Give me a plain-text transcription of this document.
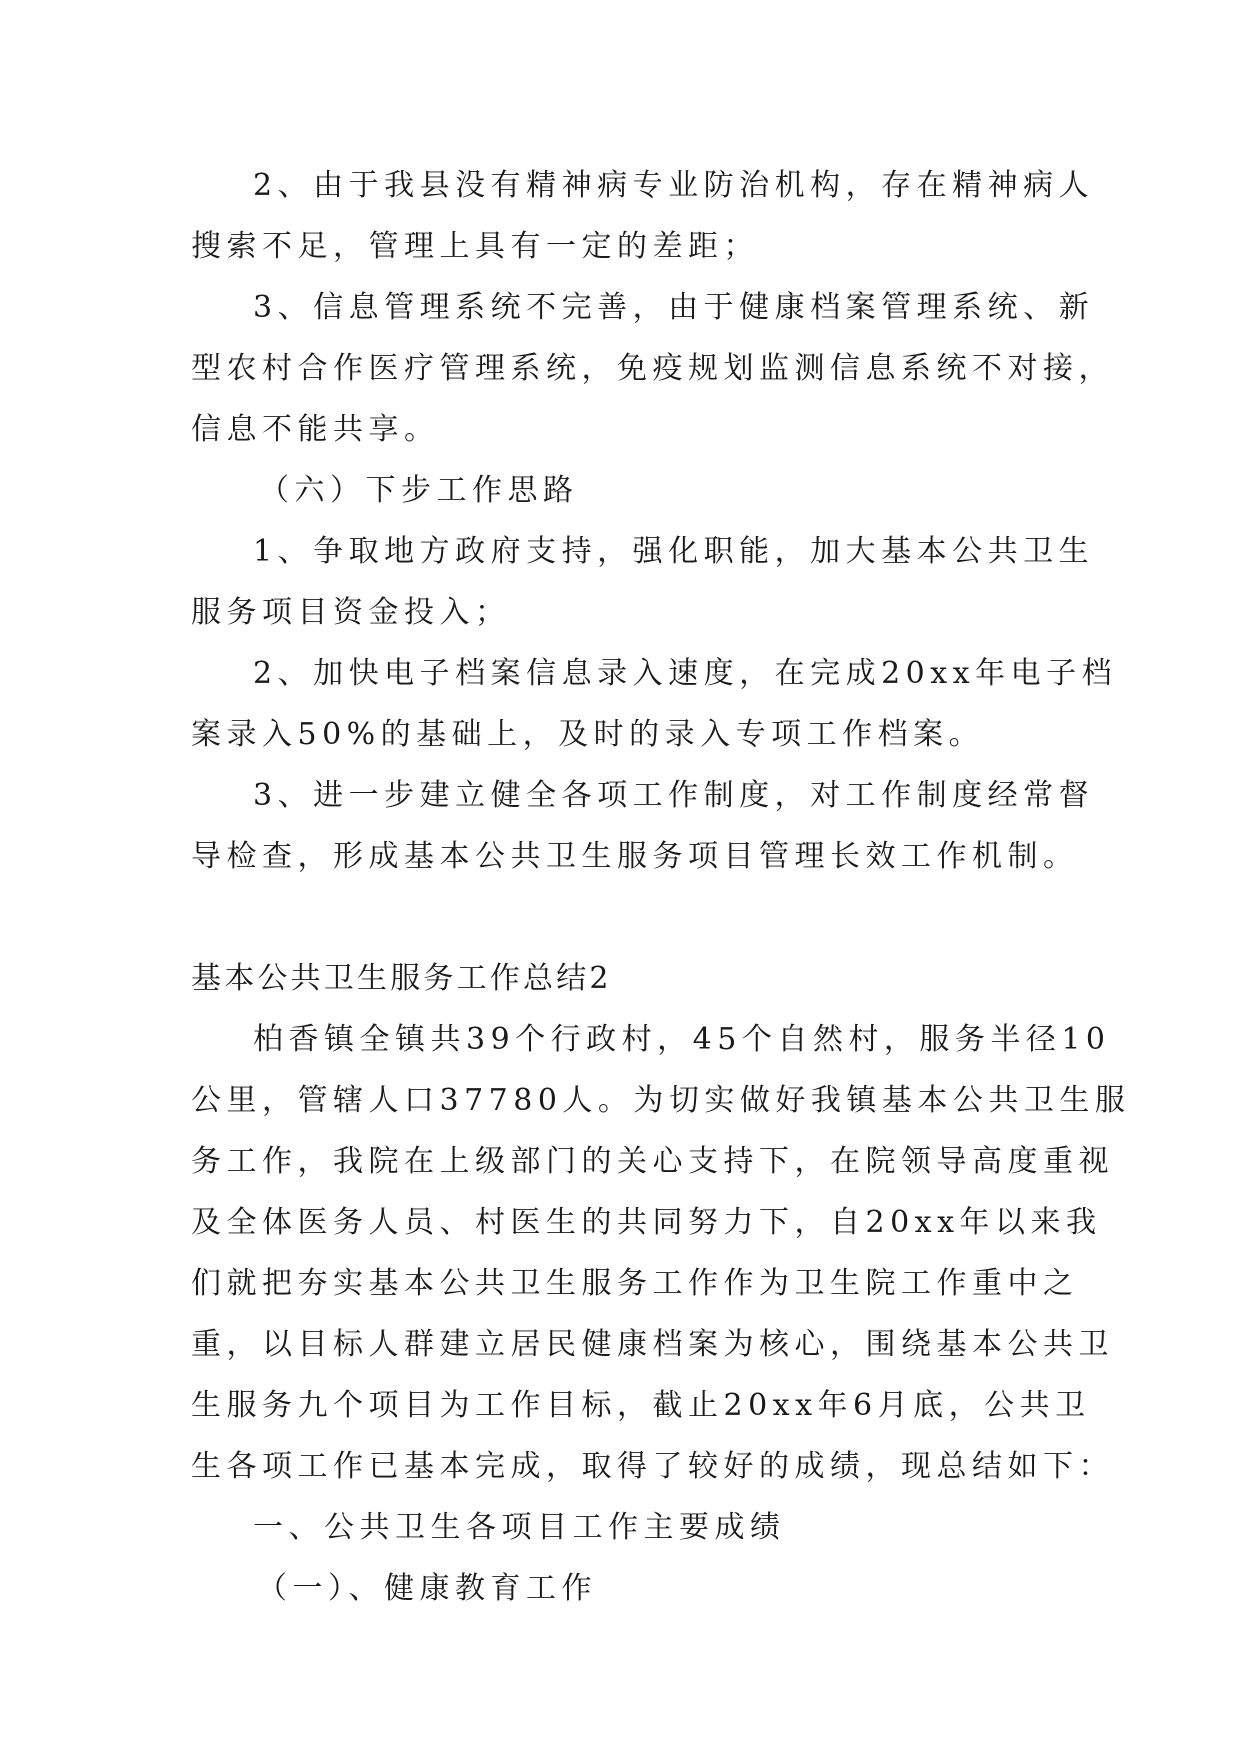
2、由于我县没有精神病专业防治机构，存在精神病人
搜索不足，管理上具有一定的差距；
3、信息管理系统不完善，由于健康档案管理系统、新
型农村合作医疗管理系统，免疫规划监测信息系统不对接，
信息不能共享。
（六）下步工作思路
1、争取地方政府支持，强化职能，加大基本公共卫生
服务项目资金投入；
2、加快电子档案信息录入速度，在完成20xx年电子档
案录入50%的基础上，及时的录入专项工作档案。
3、进一步建立健全各项工作制度，对工作制度经常督
导检查，形成基本公共卫生服务项目管理长效工作机制。
基本公共卫生服务工作总结2
柏香镇全镇共39个行政村，45个自然村，服务半径10
公里，管辖人口37780人。为切实做好我镇基本公共卫生服
务工作，我院在上级部门的关心支持下，在院领导高度重视
及全体医务人员、村医生的共同努力下，自20xx年以来我
们就把夯实基本公共卫生服务工作作为卫生院工作重中之
重，以目标人群建立居民健康档案为核心，围绕基本公共卫
生服务九个项目为工作目标，截止20xx年6月底，公共卫
生各项工作已基本完成，取得了较好的成绩，现总结如下：
一、公共卫生各项目工作主要成绩
（一）、健康教育工作
